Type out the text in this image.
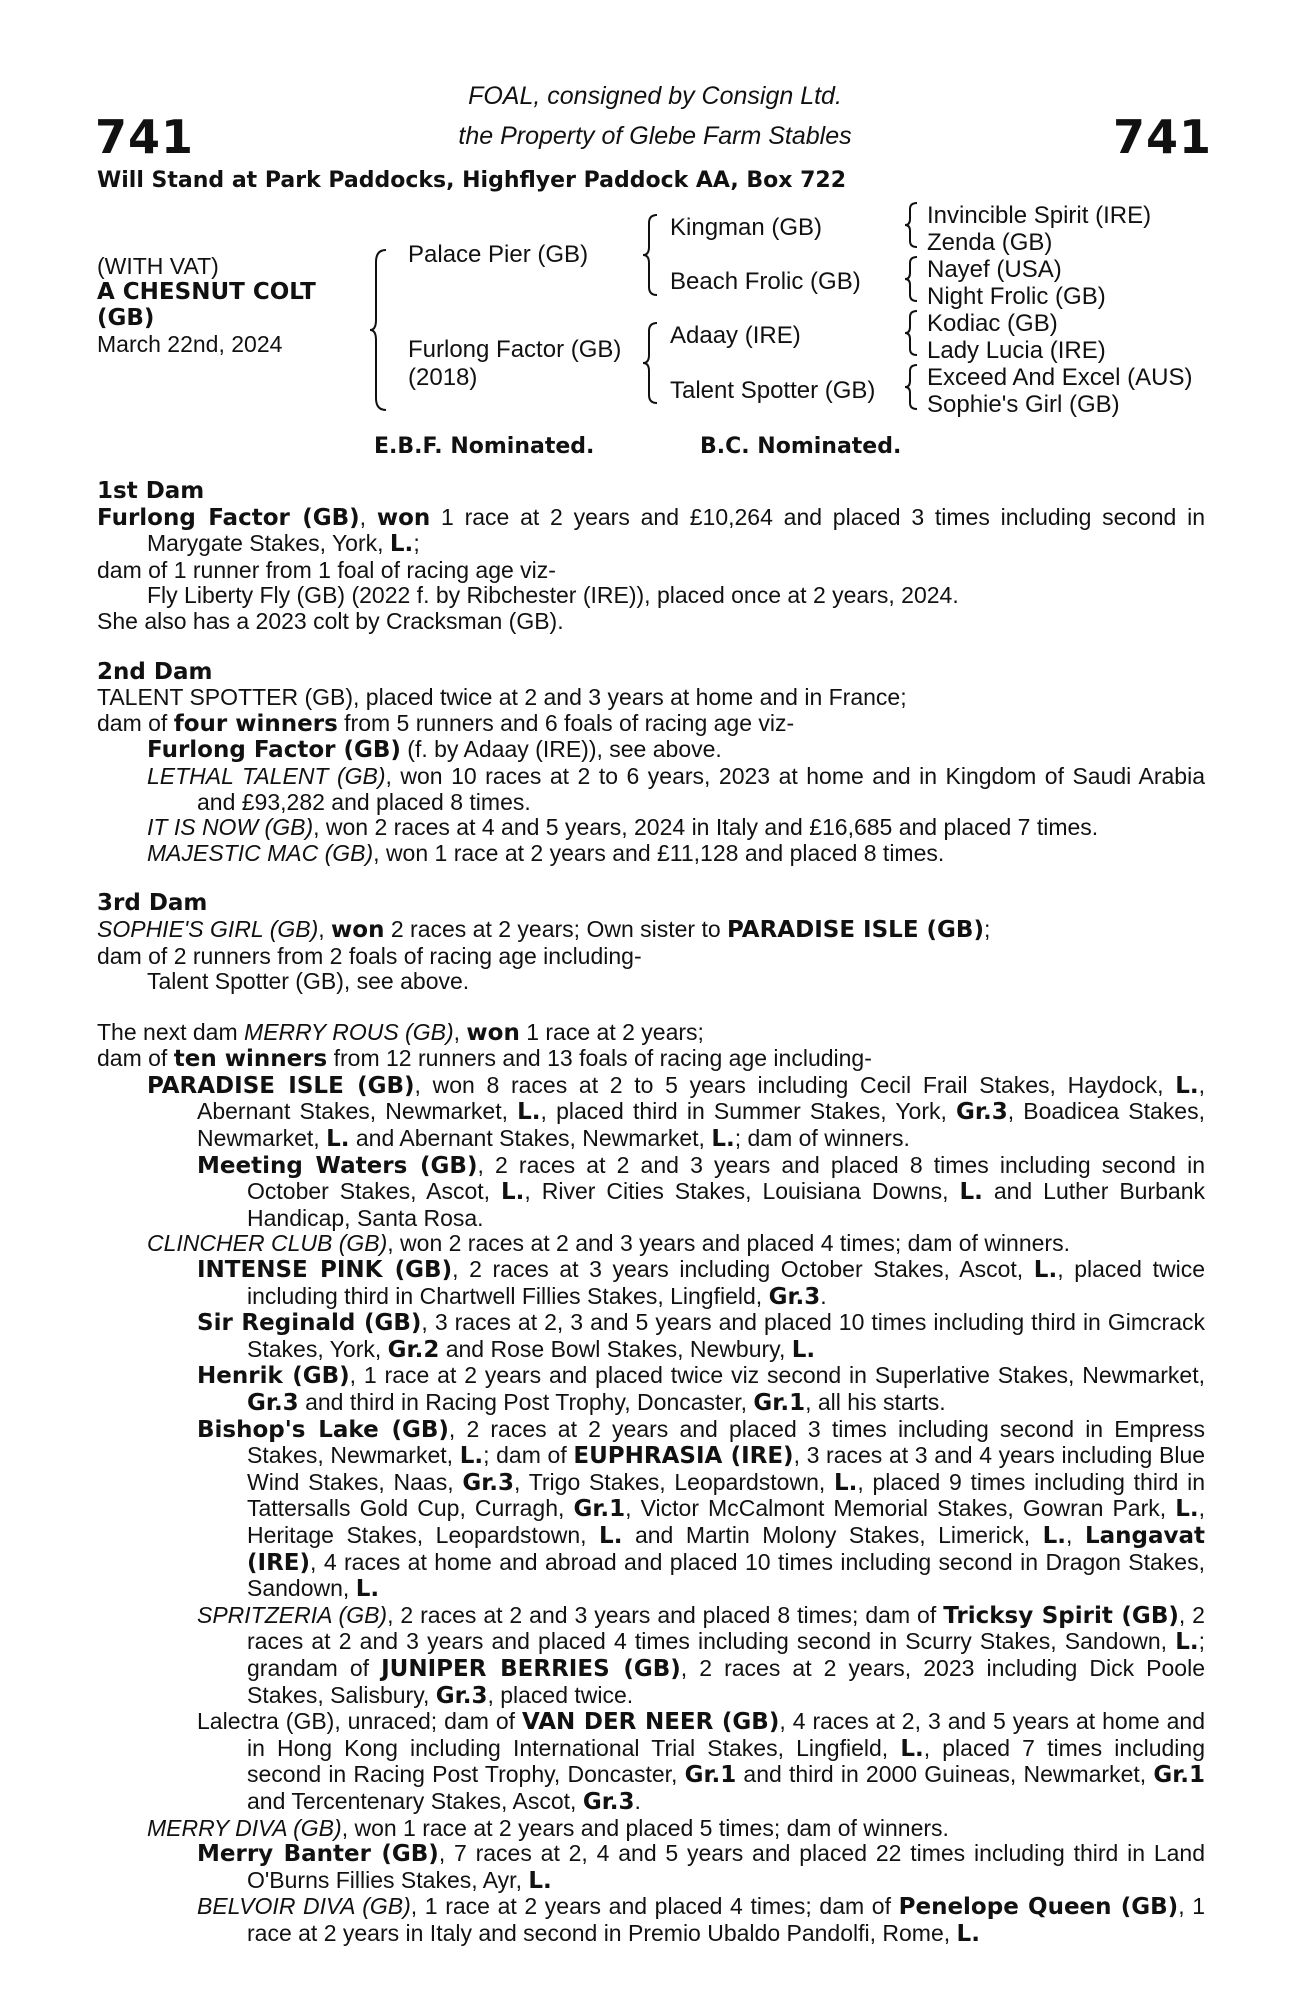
741	741
FOAL, consigned by Consign Ltd.
the Property of Glebe Farm Stables
Will Stand at Park Paddocks, Highflyer Paddock AA, Box 722
(WITH VAT)
A CHESNUT COLT
(GB)
March 22nd, 2024
Palace Pier (GB)
Furlong Factor (GB)
(2018)
Kingman (GB)
Beach Frolic (GB)
Adaay (IRE)
Talent Spotter (GB)
Invincible Spirit (IRE)
Zenda (GB)
Nayef (USA)
Night Frolic (GB)
Kodiac (GB)
Lady Lucia (IRE)
Exceed And Excel (AUS)
Sophie's Girl (GB)
E.B.F. Nominated.	B.C. Nominated.

1st Dam

Furlong Factor (GB), won 1 race at 2 years and £10,264 and placed 3 times including second in Marygate Stakes, York, L.;

dam of 1 runner from 1 foal of racing age viz-

Fly Liberty Fly (GB) (2022 f. by Ribchester (IRE)), placed once at 2 years, 2024.

She also has a 2023 colt by Cracksman (GB).

2nd Dam

TALENT SPOTTER (GB), placed twice at 2 and 3 years at home and in France;

dam of four winners from 5 runners and 6 foals of racing age viz-

Furlong Factor (GB) (f. by Adaay (IRE)), see above.

LETHAL TALENT (GB), won 10 races at 2 to 6 years, 2023 at home and in Kingdom of Saudi Arabia and £93,282 and placed 8 times.

IT IS NOW (GB), won 2 races at 4 and 5 years, 2024 in Italy and £16,685 and placed 7 times.

MAJESTIC MAC (GB), won 1 race at 2 years and £11,128 and placed 8 times.

3rd Dam

SOPHIE'S GIRL (GB), won 2 races at 2 years; Own sister to PARADISE ISLE (GB);

dam of 2 runners from 2 foals of racing age including-

Talent Spotter (GB), see above.

The next dam MERRY ROUS (GB), won 1 race at 2 years;

dam of ten winners from 12 runners and 13 foals of racing age including-

PARADISE ISLE (GB), won 8 races at 2 to 5 years including Cecil Frail Stakes, Haydock, L., Abernant Stakes, Newmarket, L., placed third in Summer Stakes, York, Gr.3, Boadicea Stakes, Newmarket, L. and Abernant Stakes, Newmarket, L.; dam of winners.

Meeting Waters (GB), 2 races at 2 and 3 years and placed 8 times including second in October Stakes, Ascot, L., River Cities Stakes, Louisiana Downs, L. and Luther Burbank Handicap, Santa Rosa.

CLINCHER CLUB (GB), won 2 races at 2 and 3 years and placed 4 times; dam of winners.

INTENSE PINK (GB), 2 races at 3 years including October Stakes, Ascot, L., placed twice including third in Chartwell Fillies Stakes, Lingfield, Gr.3.

Sir Reginald (GB), 3 races at 2, 3 and 5 years and placed 10 times including third in Gimcrack Stakes, York, Gr.2 and Rose Bowl Stakes, Newbury, L.

Henrik (GB), 1 race at 2 years and placed twice viz second in Superlative Stakes, Newmarket, Gr.3 and third in Racing Post Trophy, Doncaster, Gr.1, all his starts.

Bishop's Lake (GB), 2 races at 2 years and placed 3 times including second in Empress Stakes, Newmarket, L.; dam of EUPHRASIA (IRE), 3 races at 3 and 4 years including Blue Wind Stakes, Naas, Gr.3, Trigo Stakes, Leopardstown, L., placed 9 times including third in Tattersalls Gold Cup, Curragh, Gr.1, Victor McCalmont Memorial Stakes, Gowran Park, L., Heritage Stakes, Leopardstown, L. and Martin Molony Stakes, Limerick, L., Langavat (IRE), 4 races at home and abroad and placed 10 times including second in Dragon Stakes, Sandown, L.

SPRITZERIA (GB), 2 races at 2 and 3 years and placed 8 times; dam of Tricksy Spirit (GB), 2 races at 2 and 3 years and placed 4 times including second in Scurry Stakes, Sandown, L.; grandam of JUNIPER BERRIES (GB), 2 races at 2 years, 2023 including Dick Poole Stakes, Salisbury, Gr.3, placed twice.

Lalectra (GB), unraced; dam of VAN DER NEER (GB), 4 races at 2, 3 and 5 years at home and in Hong Kong including International Trial Stakes, Lingfield, L., placed 7 times including second in Racing Post Trophy, Doncaster, Gr.1 and third in 2000 Guineas, Newmarket, Gr.1 and Tercentenary Stakes, Ascot, Gr.3.

MERRY DIVA (GB), won 1 race at 2 years and placed 5 times; dam of winners.

Merry Banter (GB), 7 races at 2, 4 and 5 years and placed 22 times including third in Land O'Burns Fillies Stakes, Ayr, L.

BELVOIR DIVA (GB), 1 race at 2 years and placed 4 times; dam of Penelope Queen (GB), 1 race at 2 years in Italy and second in Premio Ubaldo Pandolfi, Rome, L.
